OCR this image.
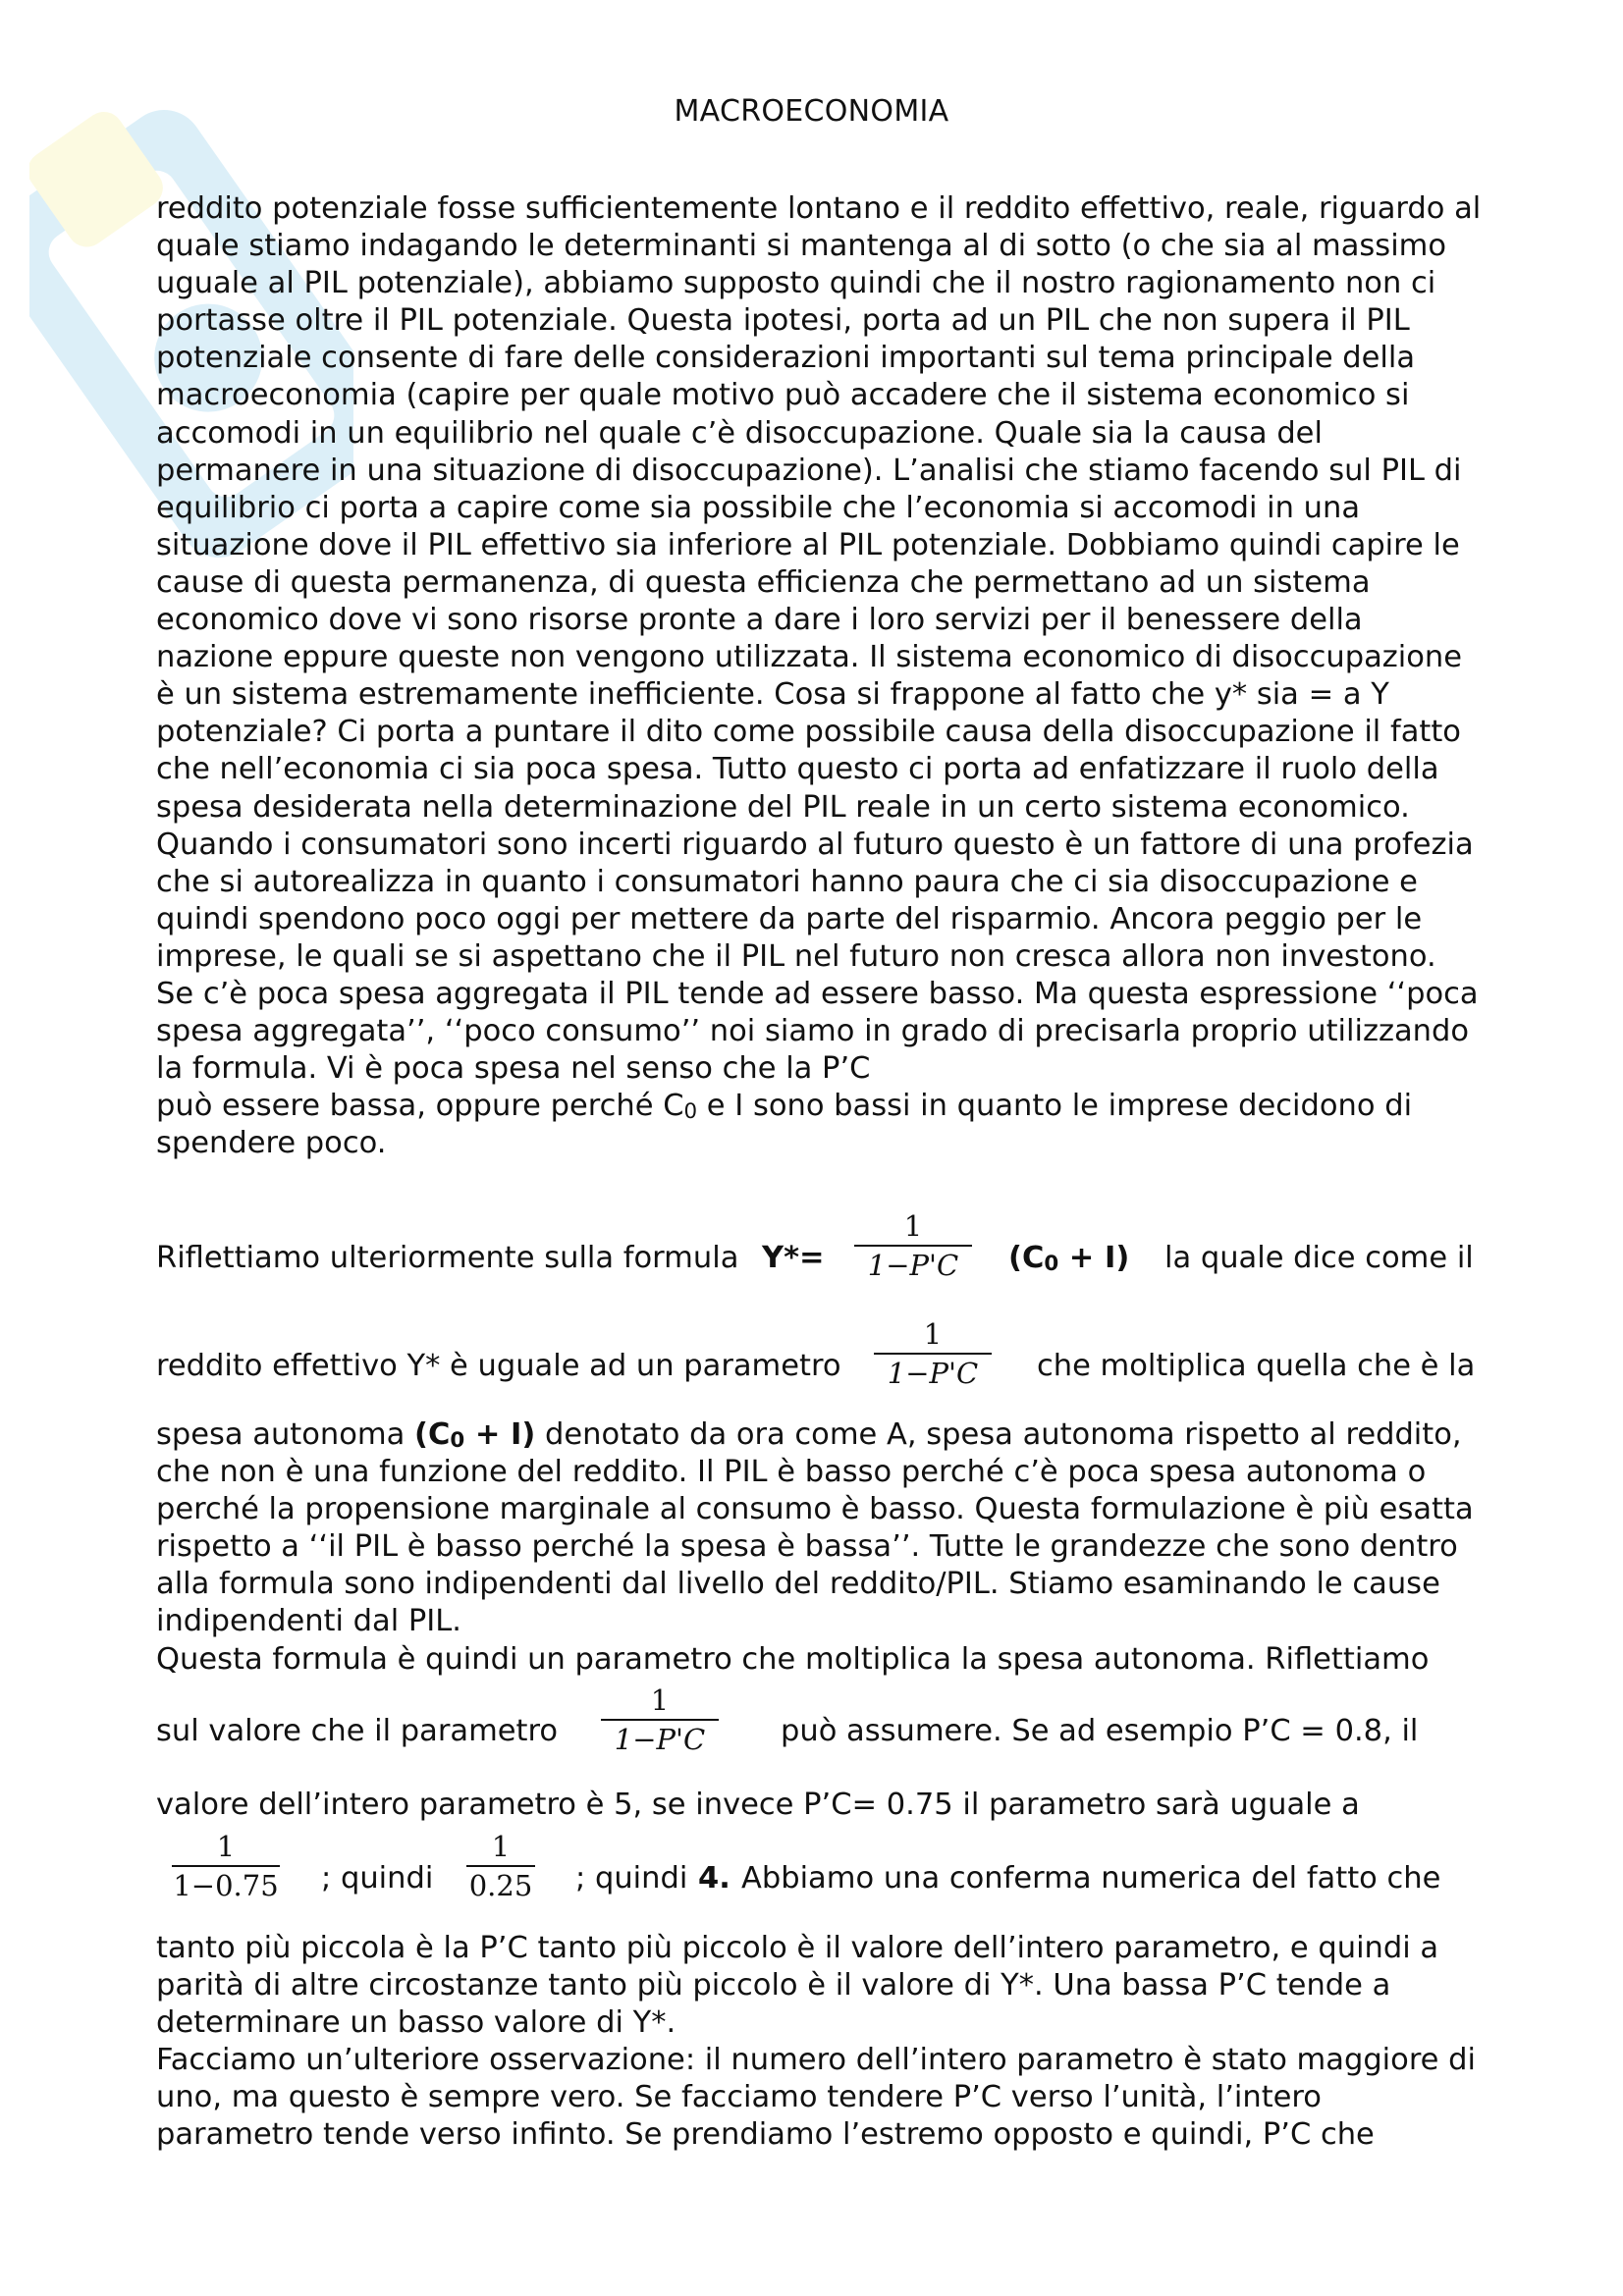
MACROECONOMIA

reddito potenziale fosse sufficientemente lontano e il reddito effettivo, reale, riguardo al quale stiamo indagando le determinanti si mantenga al di sotto (o che sia al massimo uguale al PIL potenziale), abbiamo supposto quindi che il nostro ragionamento non ci portasse oltre il PIL potenziale. Questa ipotesi, porta ad un PIL che non supera il PIL potenziale consente di fare delle considerazioni importanti sul tema principale della macroeconomia (capire per quale motivo può accadere che il sistema economico si accomodi in un equilibrio nel quale c’è disoccupazione. Quale sia la causa del permanere in una situazione di disoccupazione). L’analisi che stiamo facendo sul PIL di equilibrio ci porta a capire come sia possibile che l’economia si accomodi in una situazione dove il PIL effettivo sia inferiore al PIL potenziale. Dobbiamo quindi capire le cause di questa permanenza, di questa efficienza che permettano ad un sistema economico dove vi sono risorse pronte a dare i loro servizi per il benessere della nazione eppure queste non vengono utilizzata. Il sistema economico di disoccupazione è un sistema estremamente inefficiente. Cosa si frappone al fatto che y* sia = a Y potenziale? Ci porta a puntare il dito come possibile causa della disoccupazione il fatto che nell’economia ci sia poca spesa. Tutto questo ci porta ad enfatizzare il ruolo della spesa desiderata nella determinazione del PIL reale in un certo sistema economico. Quando i consumatori sono incerti riguardo al futuro questo è un fattore di una profezia che si autorealizza in quanto i consumatori hanno paura che ci sia disoccupazione e quindi spendono poco oggi per mettere da parte del risparmio. Ancora peggio per le imprese, le quali se si aspettano che il PIL nel futuro non cresca allora non investono. Se c’è poca spesa aggregata il PIL tende ad essere basso. Ma questa espressione ‘‘poca spesa aggregata’’, ‘‘poco consumo’’ noi siamo in grado di precisarla proprio utilizzando la formula. Vi è poca spesa nel senso che la P’C

può essere bassa, oppure perché $C_0$ e I sono bassi in quanto le imprese decidono di spendere poco.

Riflettiamo ulteriormente sulla formula Y*=
1
1−P'C	$(C_0 + I)$ la quale dice come il
reddito effettivo Y* è uguale ad un parametro
1
1−P'C	che moltiplica quella che è la

spesa autonoma $(C_0 + I)$ denotato da ora come A, spesa autonoma rispetto al reddito, che non è una funzione del reddito. Il PIL è basso perché c’è poca spesa autonoma o perché la propensione marginale al consumo è basso. Questa formulazione è più esatta rispetto a ‘‘il PIL è basso perché la spesa è bassa’’. Tutte le grandezze che sono dentro alla formula sono indipendenti dal livello del reddito/PIL. Stiamo esaminando le cause indipendenti dal PIL.

Questa formula è quindi un parametro che moltiplica la spesa autonoma. Riflettiamo

sul valore che il parametro
1
1−P'C	può assumere. Se ad esempio P’C = 0.8, il
valore dell’intero parametro è 5, se invece P’C= 0.75 il parametro sarà uguale a
1
1−0.75 ; quindi
1
0.25 ; quindi 4. Abbiamo una conferma numerica del fatto che

tanto più piccola è la P’C tanto più piccolo è il valore dell’intero parametro, e quindi a parità di altre circostanze tanto più piccolo è il valore di Y*. Una bassa P’C tende a determinare un basso valore di Y*.

Facciamo un’ulteriore osservazione: il numero dell’intero parametro è stato maggiore di uno, ma questo è sempre vero. Se facciamo tendere P’C verso l’unità, l’intero parametro tende verso infinto. Se prendiamo l’estremo opposto e quindi, P’C che
